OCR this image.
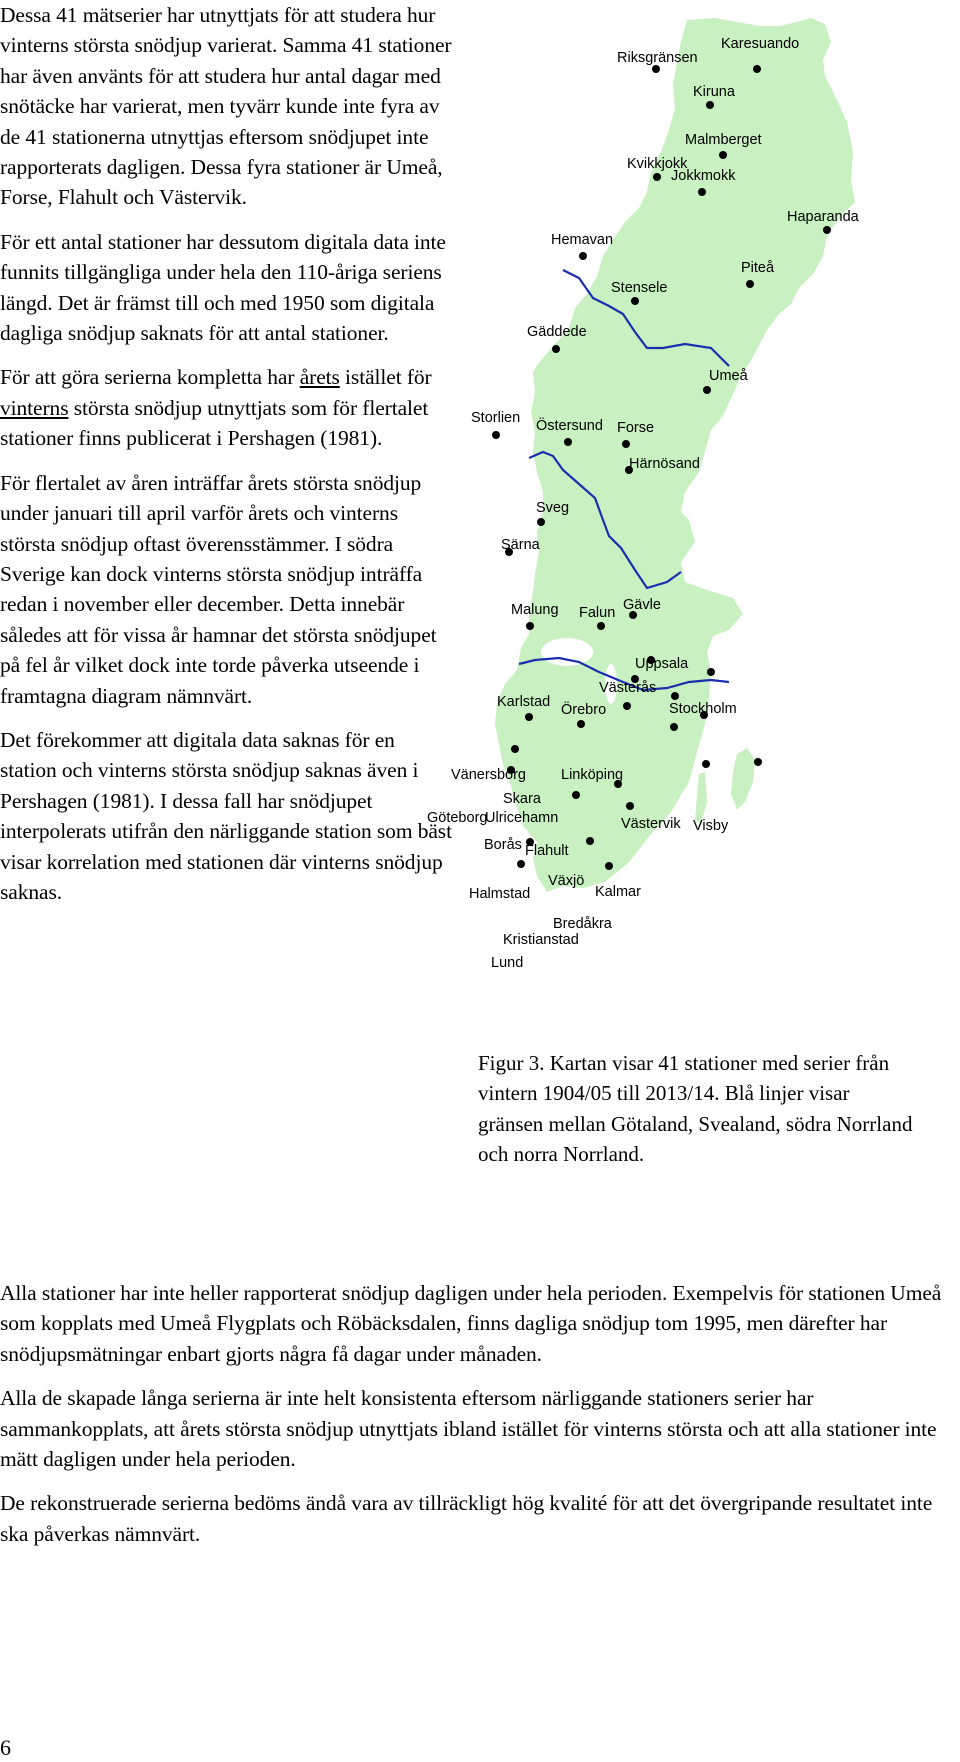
Dessa 41 mätserier har utnyttjats för att studera hur vinterns största snödjup varierat. Samma 41 stationer har även använts för att studera hur antal dagar med snötäcke har varierat, men tyvärr kunde inte fyra av de 41 stationerna utnyttjas eftersom snödjupet inte rapporterats dagligen. Dessa fyra stationer är Umeå, Forse, Flahult och Västervik.

För ett antal stationer har dessutom digitala data inte funnits tillgängliga under hela den 110-åriga seriens längd. Det är främst till och med 1950 som digitala dagliga snödjup saknats för att antal stationer.

För att göra serierna kompletta har årets istället för vinterns största snödjup utnyttjats som för flertalet stationer finns publicerat i Pershagen (1981).

För flertalet av åren inträffar årets största snödjup under januari till april varför årets och vinterns största snödjup oftast överensstämmer. I södra Sverige kan dock vinterns största snödjup inträffa redan i november eller december. Detta innebär således att för vissa år hamnar det största snödjupet på fel år vilket dock inte torde påverka utseende i framtagna diagram nämnvärt.

Det förekommer att digitala data saknas för en station och vinterns största snödjup saknas även i Pershagen (1981). I dessa fall har snödjupet interpolerats utifrån den närliggande station som bäst visar korrelation med stationen där vinterns snödjup saknas.

Riksgränsen
Karesuando
Kiruna
Malmberget
Kvikkjokk
Jokkmokk
Haparanda
Hemavan
Piteå
Stensele
Gäddede
Umeå
Storlien Östersund Forse
Härnösand
Sveg
Särna
Malung Falun Gävle
Uppsala
Västerås
Karlstad Örebro	Stockholm
Vänersborg Linköping
Skara
Göteborg
Ulricehamn	Västervik Visby
Borås Flahult
Växjö
Halmstad	Kalmar
Bredåkra
Kristianstad
Lund
Figur 3. Kartan visar 41 stationer med serier från vintern 1904/05 till 2013/14. Blå linjer visar gränsen mellan Götaland, Svealand, södra Norrland och norra Norrland.

Alla stationer har inte heller rapporterat snödjup dagligen under hela perioden. Exempelvis för stationen Umeå som kopplats med Umeå Flygplats och Röbäcksdalen, finns dagliga snödjup tom 1995, men därefter har snödjupsmätningar enbart gjorts några få dagar under månaden.

Alla de skapade långa serierna är inte helt konsistenta eftersom närliggande stationers serier har sammankopplats, att årets största snödjup utnyttjats ibland istället för vinterns största och att alla stationer inte mätt dagligen under hela perioden.

De rekonstruerade serierna bedöms ändå vara av tillräckligt hög kvalité för att det övergripande resultatet inte ska påverkas nämnvärt.

6
